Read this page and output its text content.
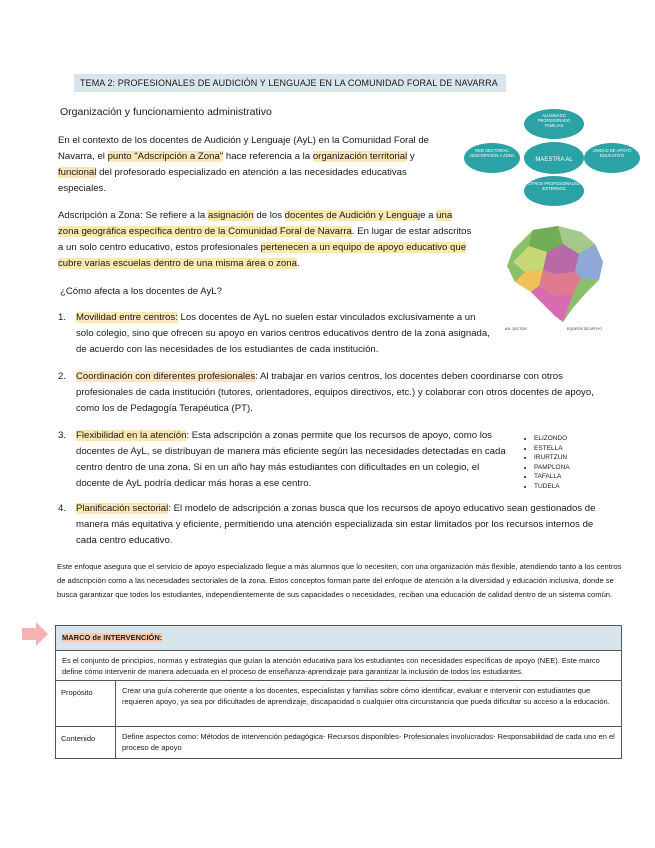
TEMA 2: PROFESIONALES DE AUDICIÓN Y LENGUAJE EN LA COMUNIDAD FORAL DE NAVARRA
Organización y funcionamiento administrativo

En el contexto de los docentes de Audición y Lenguaje (AyL) en la Comunidad Foral de Navarra, el punto "Adscripción a Zona" hace referencia a la organización territorial y funcional del profesorado especializado en atención a las necesidades educativas especiales.

Adscripción a Zona: Se refiere a la asignación de los docentes de Audición y Lenguaje a una zona geográfica específica dentro de la Comunidad Foral de Navarra. En lugar de estar adscritos a un solo centro educativo, estos profesionales pertenecen a un equipo de apoyo educativo que cubre varias escuelas dentro de una misma área o zona.

¿Cómo afecta a los docentes de AyL?
1. Movilidad entre centros: Los docentes de AyL no suelen estar vinculados exclusivamente a un solo colegio, sino que ofrecen su apoyo en varios centros educativos dentro de la zona asignada, de acuerdo con las necesidades de los estudiantes de cada institución.

2. Coordinación con diferentes profesionales: Al trabajar en varios centros, los docentes deben coordinarse con otros profesionales de cada institución (tutores, orientadores, equipos directivos, etc.) y colaborar con otros docentes de apoyo, como los de Pedagogía Terapéutica (PT).

3. Flexibilidad en la atención: Esta adscripción a zonas permite que los recursos de apoyo, como los docentes de AyL, se distribuyan de manera más eficiente según las necesidades detectadas en cada centro dentro de una zona. Si en un año hay más estudiantes con dificultades en un colegio, el docente de AyL podría dedicar más horas a ese centro.

• ELIZONDO
• ESTELLA
• IRURTZUN
• PAMPLONA
• TAFALLA
• TUDELA
4. Planificación sectorial: El modelo de adscripción a zonas busca que los recursos de apoyo educativo sean gestionados de manera más equitativa y eficiente, permitiendo una atención especializada sin estar limitados por los recursos internos de cada centro educativo.

Este enfoque asegura que el servicio de apoyo especializado llegue a más alumnos que lo necesiten, con una organización más flexible, atendiendo tanto a los centros de adscripción como a las necesidades sectoriales de la zona. Estos conceptos forman parte del enfoque de atención a la diversidad y educación inclusiva, donde se busca garantizar que todos los estudiantes, independientemente de sus capacidades o necesidades, reciban una educación de calidad dentro de un sistema común.

MARCO de INTERVENCIÓN:
Es el conjunto de principios, normas y estrategias que guían la atención educativa para los estudiantes con necesidades específicas de apoyo (NEE). Este marco define cómo intervenir de manera adecuada en el proceso de enseñanza-aprendizaje para garantizar la inclusión de todos los estudiantes.
Propósito	Crear una guía coherente que oriente a los docentes, especialistas y familias sobre cómo identificar, evaluar e intervenir con estudiantes que requieren apoyo, ya sea por dificultades de aprendizaje, discapacidad o cualquier otra circunstancia que pueda dificultar su acceso a la educación.
Contenido	Define aspectos como: Métodos de intervención pedagógica- Recursos disponibles- Profesionales involucrados- Responsabilidad de cada uno en el proceso de apoyo
MAESTRA AL
ALUMNADO PROFESORADO FAMILIAS
RED SECTORIAL ADSCRIPCIÓN A ZONA
UNIDAD DE APOYO EDUCATIVO
OTROS PROFESIONALES EXTERNOS
AYL SECTOR	EQUIPOS DE APOYO
